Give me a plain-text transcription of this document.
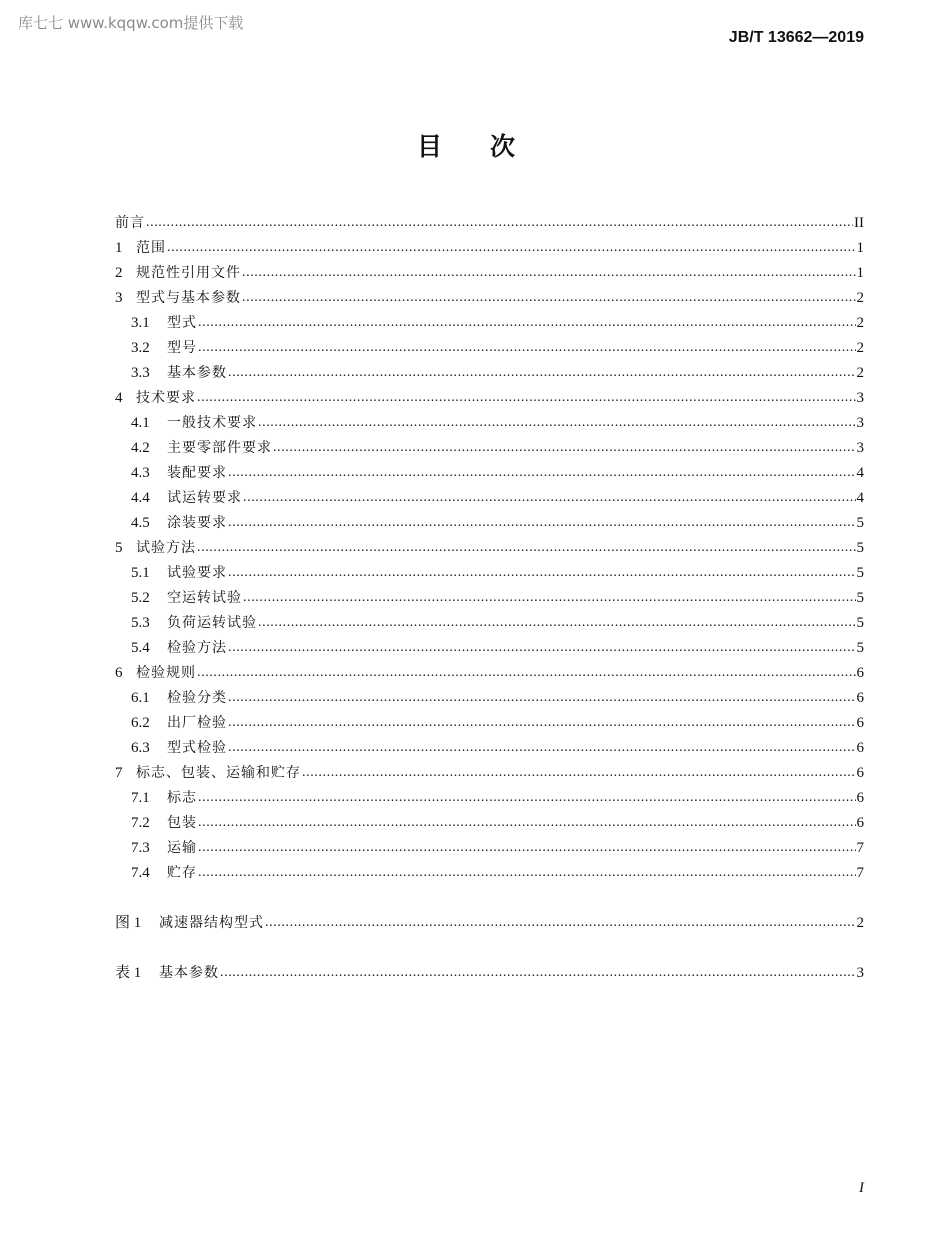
库七七 www.kqqw.com提供下载
JB/T 13662—2019
目次
前言 .....	II
1 范围 .....	1
2 规范性引用文件 .....	1
3 型式与基本参数 .....	2
3.1	型式 .....	2
3.2	型号 .....	2
3.3	基本参数 .....	2
4 技术要求 .....	3
4.1	一般技术要求 .....	3
4.2	主要零部件要求 .....	3
4.3	装配要求 .....	4
4.4	试运转要求 .....	4
4.5	涂装要求 .....	5
5 试验方法 .....	5
5.1	试验要求 .....	5
5.2	空运转试验 .....	5
5.3	负荷运转试验 .....	5
5.4	检验方法 .....	5
6 检验规则 .....	6
6.1	检验分类 .....	6
6.2	出厂检验 .....	6
6.3	型式检验 .....	6
7 标志、包装、运输和贮存 .....	6
7.1	标志 .....	6
7.2	包装 .....	6
7.3	运输 .....	7
7.4	贮存 .....	7
图 1	减速器结构型式 .....	2
表 1	基本参数 .....	3
I
